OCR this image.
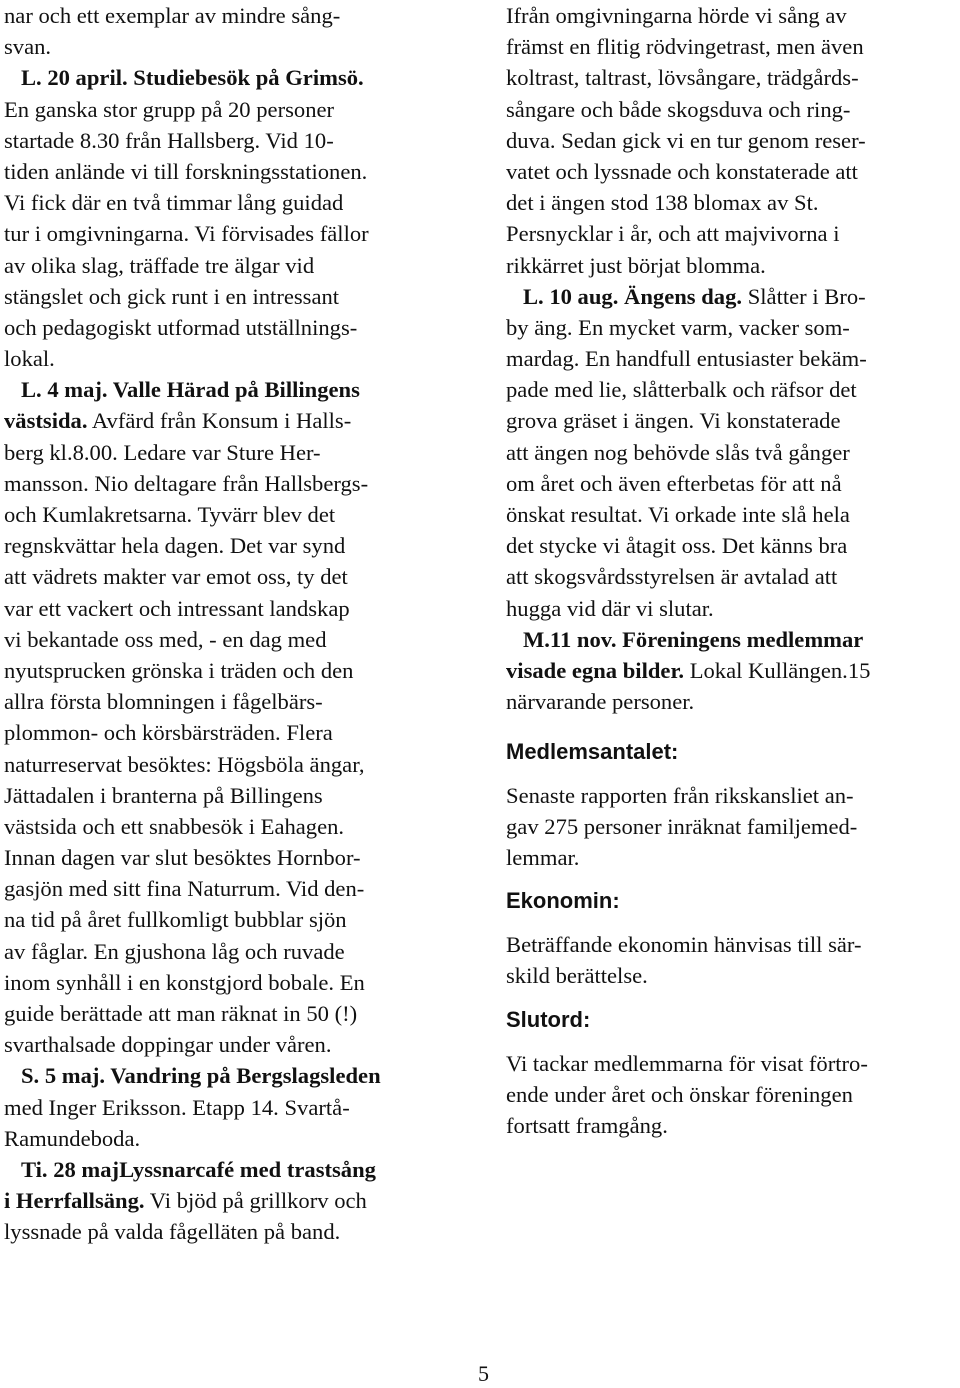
nar och ett exemplar av mindre sång-
svan.
L. 20 april. Studiebesök på Grimsö.
En ganska stor grupp på 20 personer
startade 8.30 från Hallsberg. Vid 10-
tiden anlände vi till forskningsstationen.
Vi fick där en två timmar lång guidad
tur i omgivningarna. Vi förvisades fällor
av olika slag, träffade tre älgar vid
stängslet och gick runt i en intressant
och pedagogiskt utformad utställnings-
lokal.
L. 4 maj. Valle Härad på Billingens
västsida. Avfärd från Konsum i Halls-
berg kl.8.00. Ledare var Sture Her-
mansson. Nio deltagare från Hallsbergs-
och Kumlakretsarna. Tyvärr blev det
regnskvättar hela dagen. Det var synd
att vädrets makter var emot oss, ty det
var ett vackert och intressant landskap
vi bekantade oss med, - en dag med
nyutsprucken grönska i träden och den
allra första blomningen i fågelbärs-
plommon- och körsbärsträden. Flera
naturreservat besöktes: Högsböla ängar,
Jättadalen i branterna på Billingens
västsida och ett snabbesök i Eahagen.
Innan dagen var slut besöktes Hornbor-
gasjön med sitt fina Naturrum. Vid den-
na tid på året fullkomligt bubblar sjön
av fåglar. En gjushona låg och ruvade
inom synhåll i en konstgjord bobale. En
guide berättade att man räknat in 50 (!)
svarthalsade doppingar under våren.
S. 5 maj. Vandring på Bergslagsleden
med Inger Eriksson. Etapp 14. Svartå-
Ramundeboda.
Ti. 28 majLyssnarcafé med trastsång
i Herrfallsäng. Vi bjöd på grillkorv och
lyssnade på valda fågelläten på band.
Ifrån omgivningarna hörde vi sång av
främst en flitig rödvingetrast, men även
koltrast, taltrast, lövsångare, trädgårds-
sångare och både skogsduva och ring-
duva. Sedan gick vi en tur genom reser-
vatet och lyssnade och konstaterade att
det i ängen stod 138 blomax av St.
Persnycklar i år, och att majvivorna i
rikkärret just börjat blomma.
L. 10 aug. Ängens dag. Slåtter i Bro-
by äng. En mycket varm, vacker som-
mardag. En handfull entusiaster bekäm-
pade med lie, slåtterbalk och räfsor det
grova gräset i ängen. Vi konstaterade
att ängen nog behövde slås två gånger
om året och även efterbetas för att nå
önskat resultat. Vi orkade inte slå hela
det stycke vi åtagit oss. Det känns bra
att skogsvårdsstyrelsen är avtalad att
hugga vid där vi slutar.
M.11 nov. Föreningens medlemmar
visade egna bilder. Lokal Kullängen.15
närvarande personer.
Medlemsantalet:
Senaste rapporten från rikskansliet an-
gav 275 personer inräknat familjemed-
lemmar.
Ekonomin:
Beträffande ekonomin hänvisas till sär-
skild berättelse.
Slutord:
Vi tackar medlemmarna för visat förtro-
ende under året och önskar föreningen
fortsatt framgång.
5
